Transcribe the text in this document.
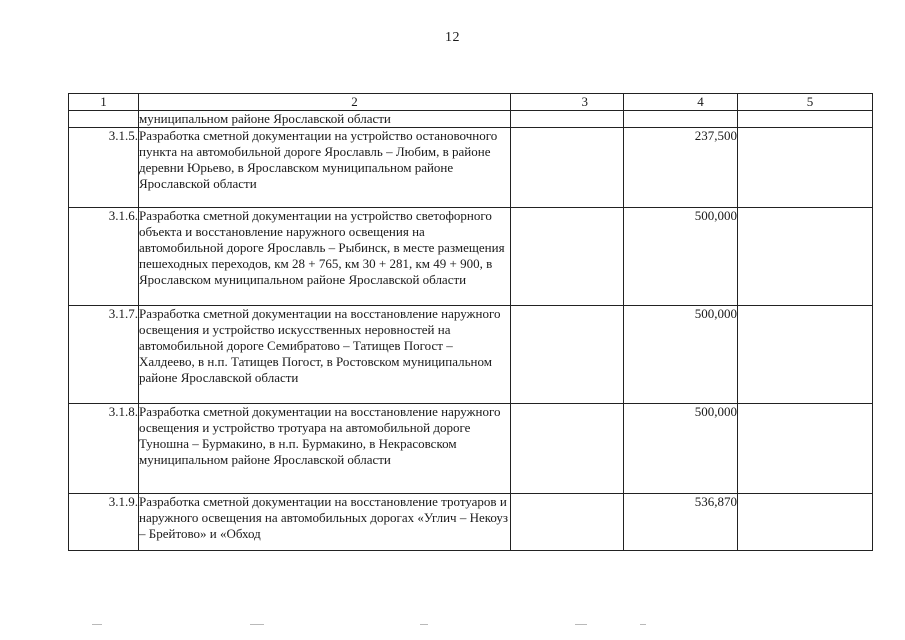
12
1	2	3	4	5
	муниципальном районе Ярославской области			
3.1.5.	Разработка сметной документации на устройство остановочного пункта на автомобильной дороге Ярославль – Любим, в районе деревни Юрьево, в Ярославском муниципальном районе Ярославской области		237,500	
3.1.6.	Разработка сметной документации на устройство светофорного объекта и восстановление наружного освещения на автомобильной дороге Ярославль – Рыбинск, в месте размещения пешеходных переходов, км 28 + 765, км 30 + 281, км 49 + 900, в Ярославском муниципальном районе Ярославской области		500,000	
3.1.7.	Разработка сметной документации на восстановление наружного освещения и устройство искусственных неровностей на автомобильной дороге Семибратово – Татищев Погост – Халдеево, в н.п. Татищев Погост, в Ростовском муниципальном районе Ярославской области		500,000	
3.1.8.	Разработка сметной документации на восстановление наружного освещения и устройство тротуара на автомобильной дороге Туношна – Бурмакино, в н.п. Бурмакино, в Некрасовском муниципальном районе Ярославской области		500,000	
3.1.9.	Разработка сметной документации на восстановление тротуаров и наружного освещения на автомобильных дорогах «Углич – Некоуз – Брейтово» и «Обход		536,870	
